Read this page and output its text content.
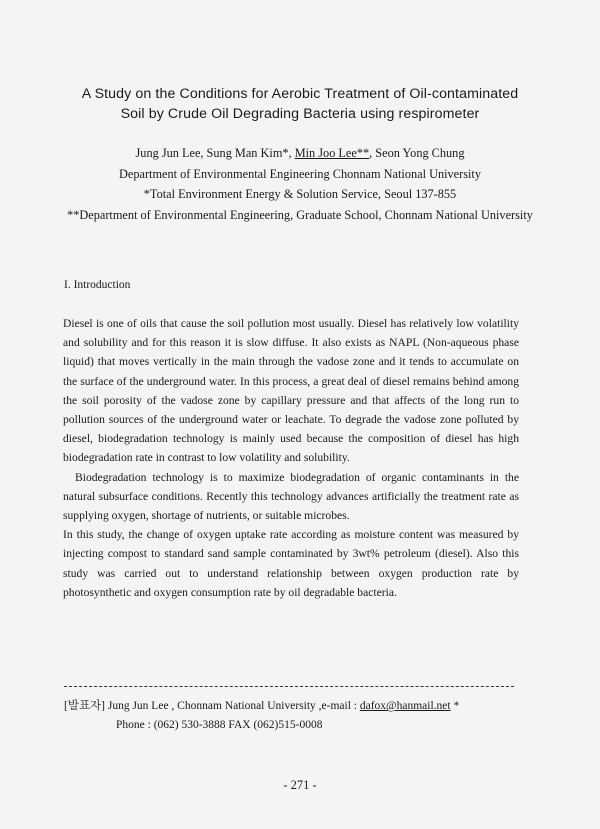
A Study on the Conditions for Aerobic Treatment of Oil-contaminated
Soil by Crude Oil Degrading Bacteria using respirometer
Jung Jun Lee, Sung Man Kim*, Min Joo Lee**, Seon Yong Chung
Department of Environmental Engineering Chonnam National University
*Total Environment Energy & Solution Service, Seoul 137-855
**Department of Environmental Engineering, Graduate School, Chonnam National University
I. Introduction

Diesel is one of oils that cause the soil pollution most usually. Diesel has relatively low volatility and solubility and for this reason it is slow diffuse. It also exists as NAPL (Non-aqueous phase liquid) that moves vertically in the main through the vadose zone and it tends to accumulate on the surface of the underground water. In this process, a great deal of diesel remains behind among the soil porosity of the vadose zone by capillary pressure and that affects of the long run to pollution sources of the underground water or leachate. To degrade the vadose zone polluted by diesel, biodegradation technology is mainly used because the composition of diesel has high biodegradation rate in contrast to low volatility and solubility.

Biodegradation technology is to maximize biodegradation of organic contaminants in the natural subsurface conditions. Recently this technology advances artificially the treatment rate as supplying oxygen, shortage of nutrients, or suitable microbes.

In this study, the change of oxygen uptake rate according as moisture content was measured by injecting compost to standard sand sample contaminated by 3wt% petroleum (diesel). Also this study was carried out to understand relationship between oxygen production rate by photosynthetic and oxygen consumption rate by oil degradable bacteria.

[발표자] Jung Jun Lee , Chonnam National University ,e-mail : dafox@hanmail.net *
Phone : (062) 530-3888 FAX (062)515-0008
- 271 -
